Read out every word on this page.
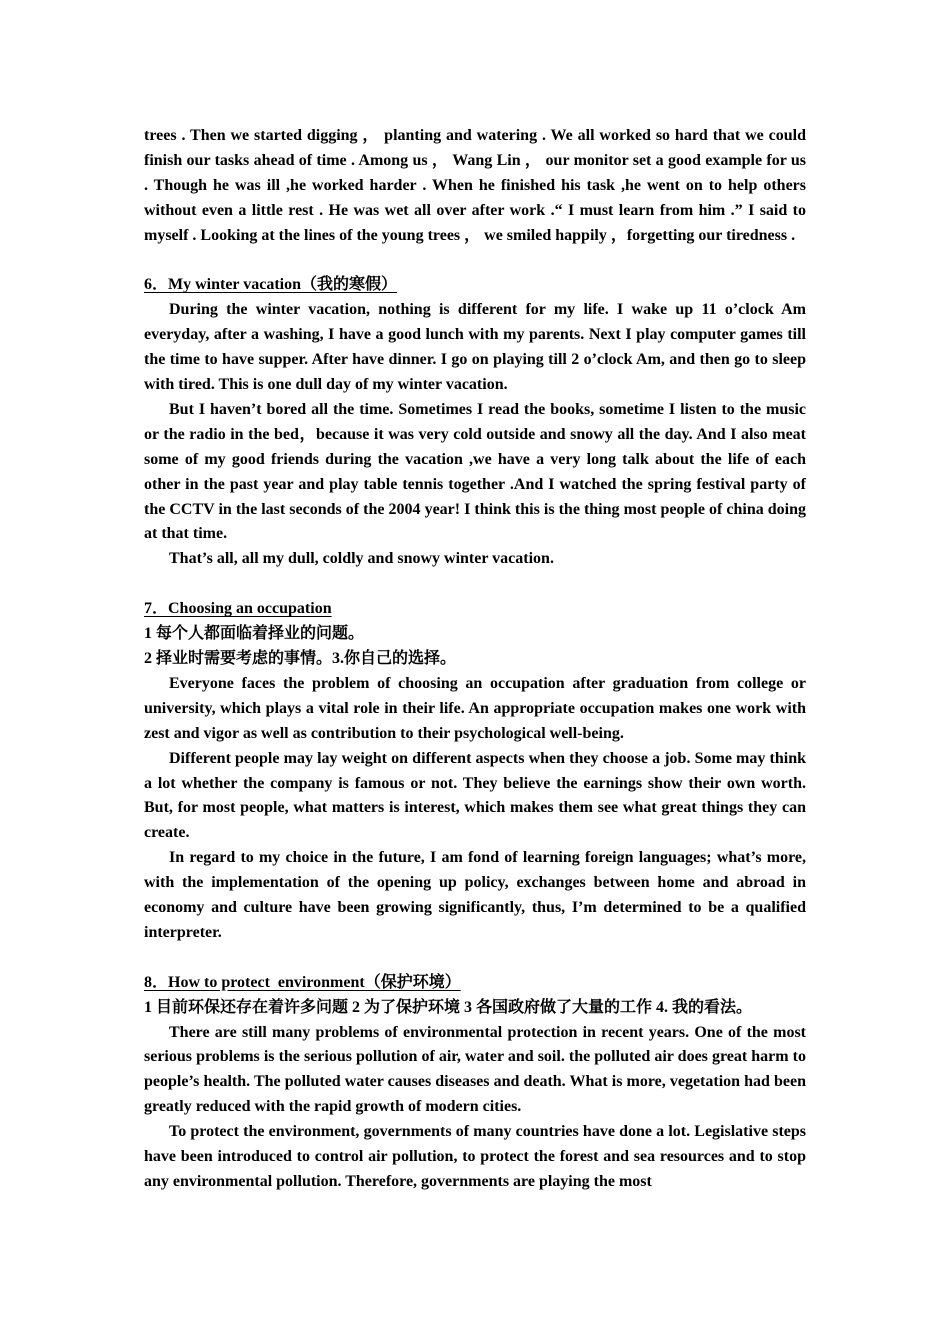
trees . Then we started digging ， planting and watering . We all worked so hard that we could finish our tasks ahead of time . Among us ， Wang Lin ， our monitor set a good example for us . Though he was ill ,he worked harder . When he finished his task ,he went on to help others without even a little rest . He was wet all over after work .“ I must learn from him .” I said to myself . Looking at the lines of the young trees ， we smiled happily ，forgetting our tiredness .

6．My winter vacation（我的寒假）

During the winter vacation, nothing is different for my life. I wake up 11 o’clock Am everyday, after a washing, I have a good lunch with my parents. Next I play computer games till the time to have supper. After have dinner. I go on playing till 2 o’clock Am, and then go to sleep with tired. This is one dull day of my winter vacation.

But I haven’t bored all the time. Sometimes I read the books, sometime I listen to the music or the radio in the bed，because it was very cold outside and snowy all the day. And I also meat some of my good friends during the vacation ,we have a very long talk about the life of each other in the past year and play table tennis together .And I watched the spring festival party of the CCTV in the last seconds of the 2004 year! I think this is the thing most people of china doing at that time.

That’s all, all my dull, coldly and snowy winter vacation.

7．Choosing an occupation

1 每个人都面临着择业的问题。

2 择业时需要考虑的事情。3.你自己的选择。

Everyone faces the problem of choosing an occupation after graduation from college or university, which plays a vital role in their life. An appropriate occupation makes one work with zest and vigor as well as contribution to their psychological well-being.

Different people may lay weight on different aspects when they choose a job. Some may think a lot whether the company is famous or not. They believe the earnings show their own worth. But, for most people, what matters is interest, which makes them see what great things they can create.

In regard to my choice in the future, I am fond of learning foreign languages; what’s more, with the implementation of the opening up policy, exchanges between home and abroad in economy and culture have been growing significantly, thus, I’m determined to be a qualified interpreter.

8．How to protect  environment（保护环境）

1 目前环保还存在着许多问题 2 为了保护环境 3 各国政府做了大量的工作 4. 我的看法。

There are still many problems of environmental protection in recent years. One of the most serious problems is the serious pollution of air, water and soil. the polluted air does great harm to people’s health. The polluted water causes diseases and death. What is more, vegetation had been greatly reduced with the rapid growth of modern cities.

To protect the environment, governments of many countries have done a lot. Legislative steps have been introduced to control air pollution, to protect the forest and sea resources and to stop any environmental pollution. Therefore, governments are playing the most
